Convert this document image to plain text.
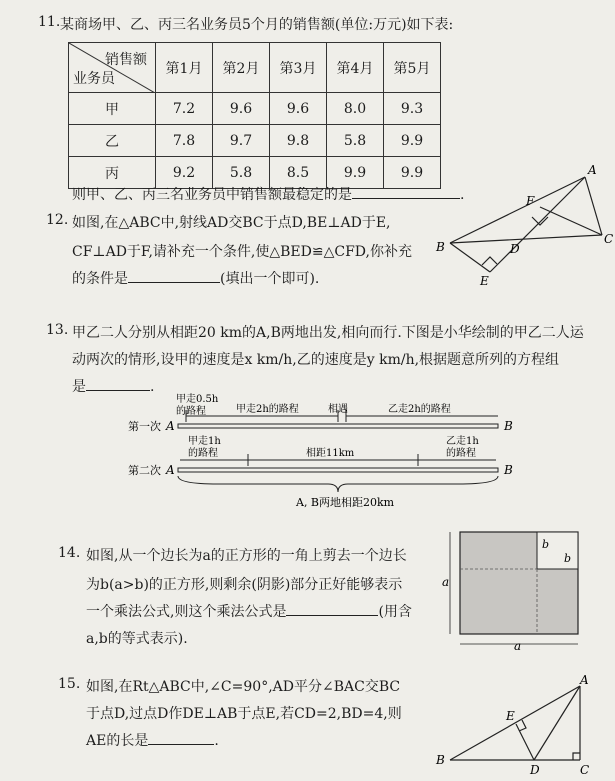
11. 某商场甲、乙、丙三名业务员5个月的销售额(单位:万元)如下表:
销售额
业务员	第1月	第2月	第3月	第4月	第5月
甲	7.2	9.6	9.6	8.0	9.3
乙	7.8	9.7	9.8	5.8	9.9
丙	9.2	5.8	8.5	9.9	9.9
则甲、乙、丙三名业务员中销售额最稳定的是	.
12. 如图,在△ABC中,射线AD交BC于点D,BE⊥AD于E,
CF⊥AD于F,请补充一个条件,使△BED≌△CFD,你补充
的条件是	(填出一个即可).
A
B
C
D
E
F
13. 甲乙二人分别从相距20 km的A,B两地出发,相向而行.下图是小华绘制的甲乙二人运
动两次的情形,设甲的速度是x km/h,乙的速度是y km/h,根据题意所列的方程组
是	.
第一次 A	B
甲走0.5h
的路程	甲走2h的路程	相遇	乙走2h的路程
第二次 A	B
甲走1h
的路程	相距11km
乙走1h
的路程
A, B两地相距20km
14. 如图,从一个边长为a的正方形的一角上剪去一个边长
为b(a>b)的正方形,则剩余(阴影)部分正好能够表示
一个乘法公式,则这个乘法公式是	(用含
a,b的等式表示).
a
a
b
b
15. 如图,在Rt△ABC中,∠C=90°,AD平分∠BAC交BC
于点D,过点D作DE⊥AB于点E,若CD=2,BD=4,则
AE的长是	.
A
B
C
D
E
